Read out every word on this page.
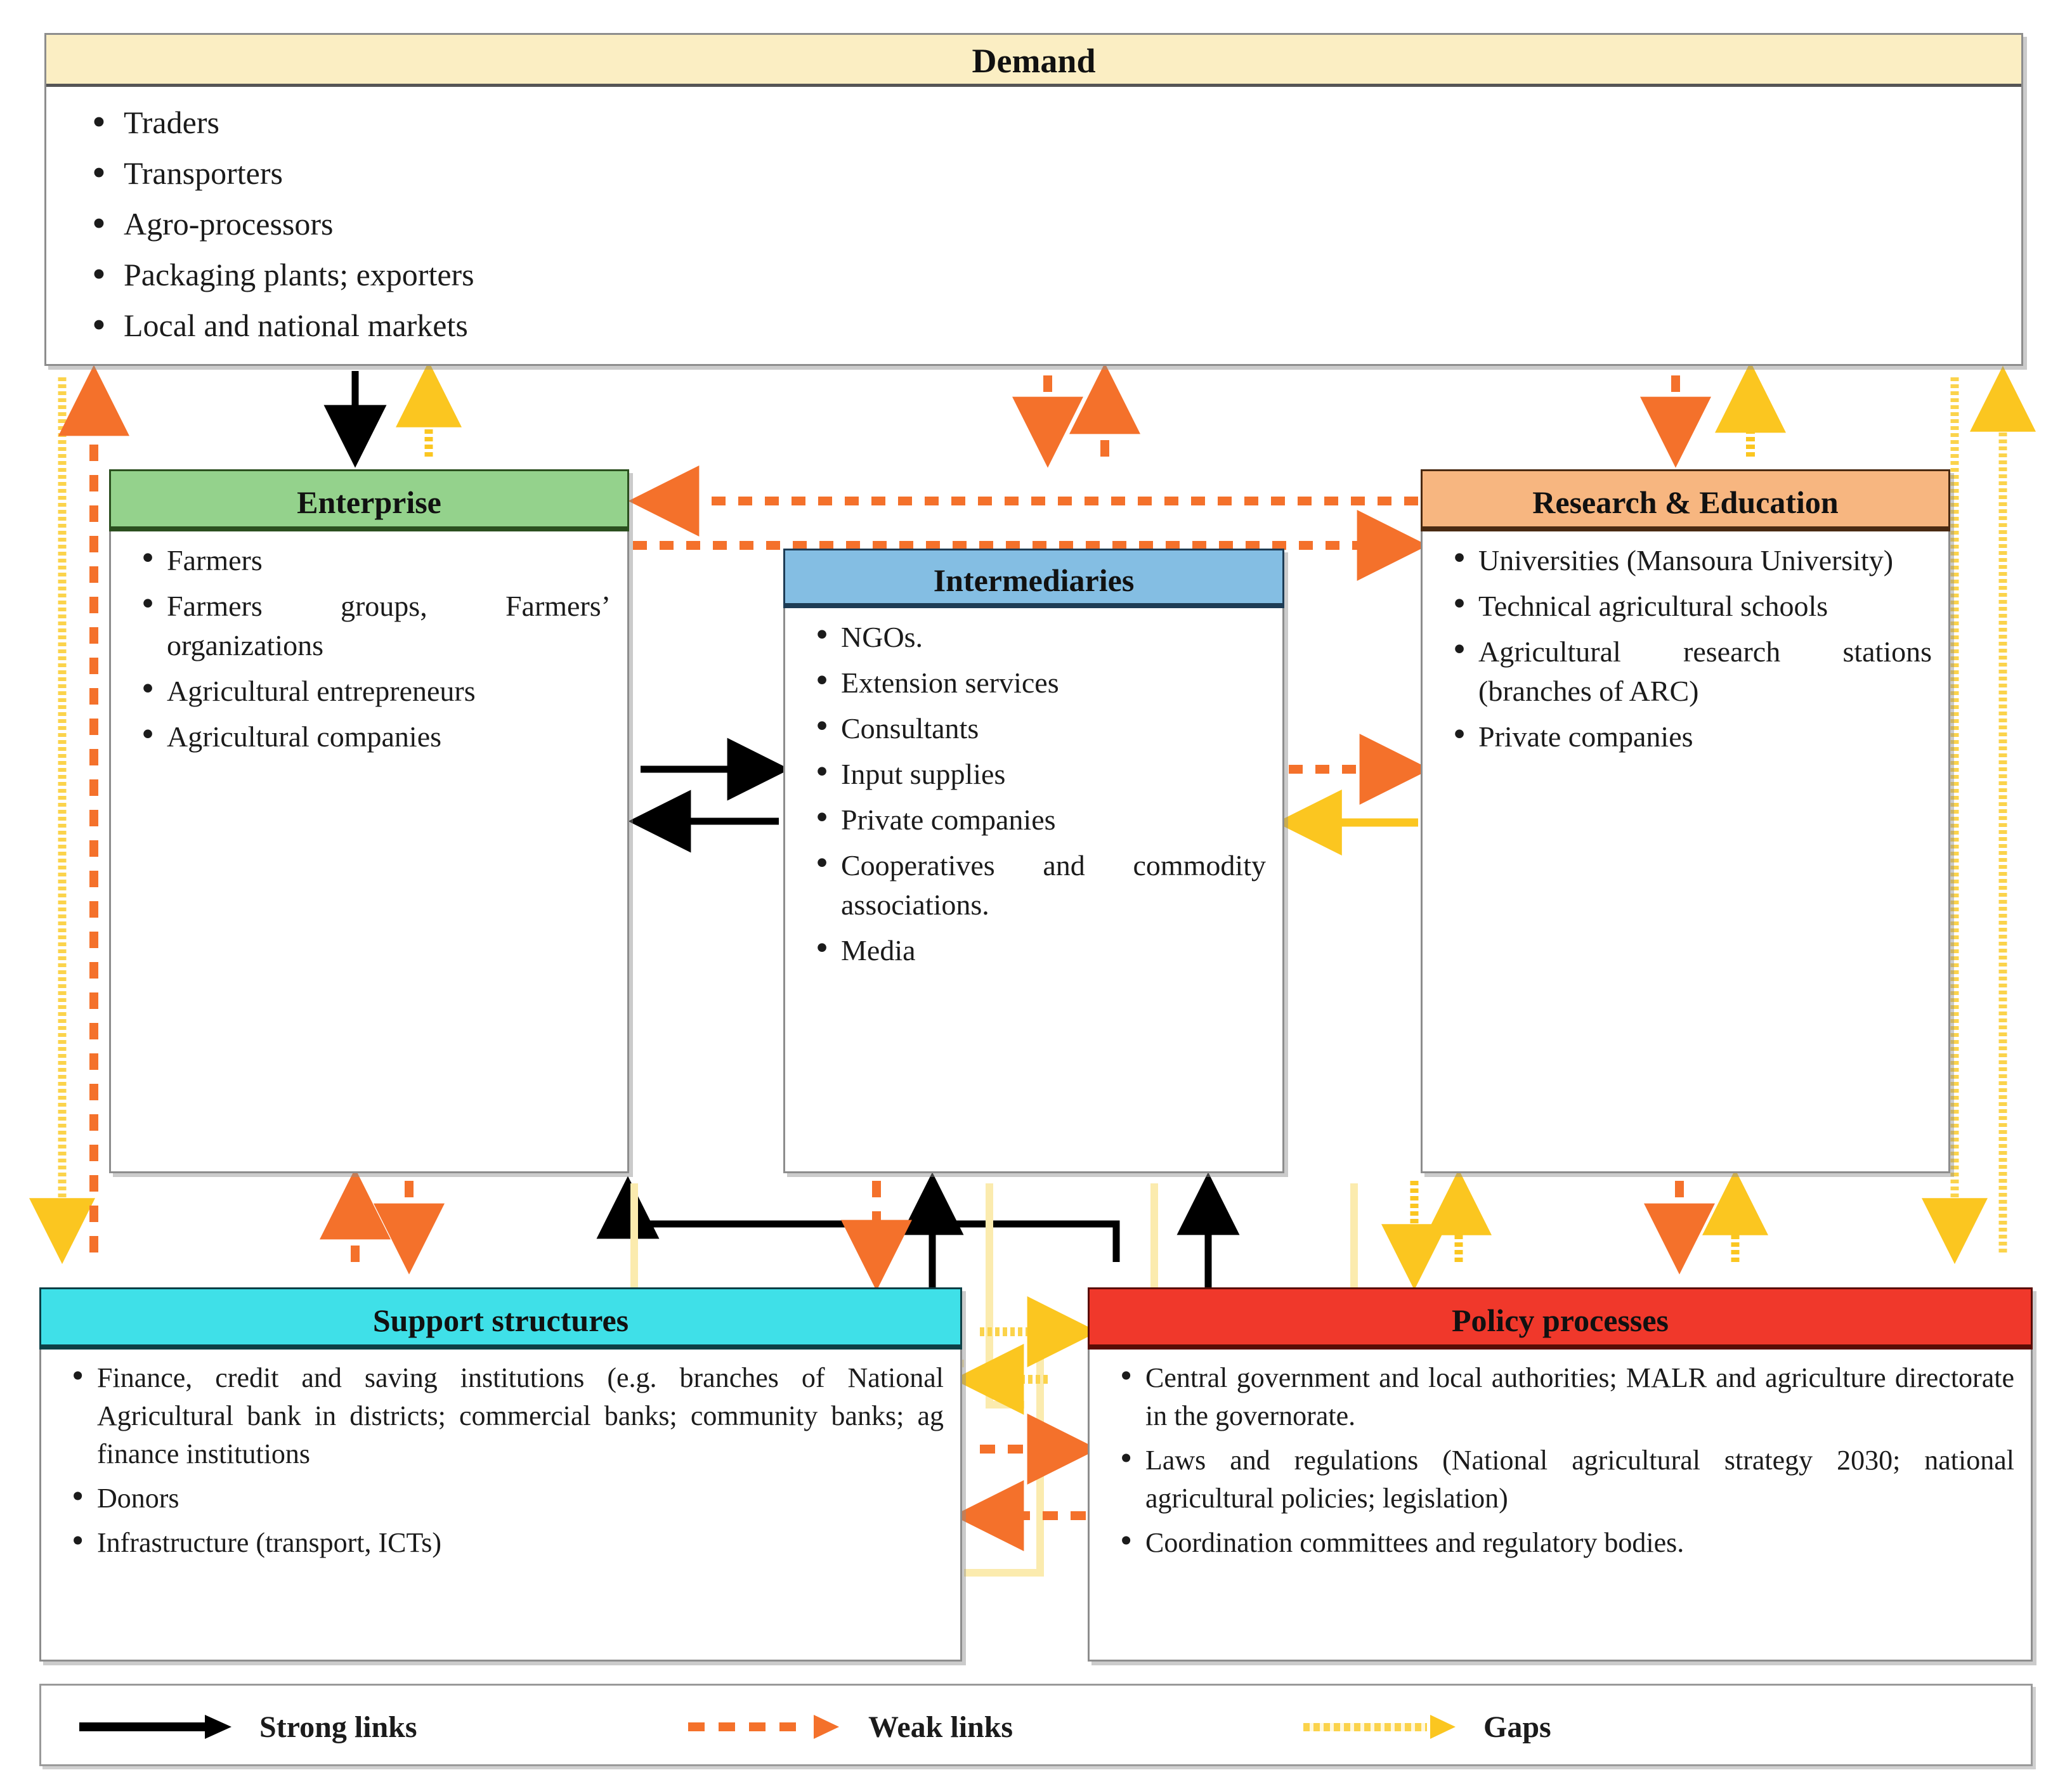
Demand
• Traders
• Transporters
• Agro-processors
• Packaging plants; exporters
• Local and national markets
Enterprise
• Farmers
• Farmers groups, Farmers’ organizations
• Agricultural entrepreneurs
• Agricultural companies
Intermediaries
• NGOs.
• Extension services
• Consultants
• Input supplies
• Private companies
• Cooperatives and commodity associations.
• Media
Research & Education
• Universities (Mansoura University)
• Technical agricultural schools
• Agricultural research stations (branches of ARC)
• Private companies
Support structures
• Finance, credit and saving institutions (e.g. branches of National Agricultural bank in districts; commercial banks; community banks; ag finance institutions
• Donors
• Infrastructure (transport, ICTs)
Policy processes
• Central government and local authorities; MALR and agriculture directorate in the governorate.
• Laws and regulations (National agricultural strategy 2030; national agricultural policies; legislation)
• Coordination committees and regulatory bodies.
Strong links	Weak links	Gaps
